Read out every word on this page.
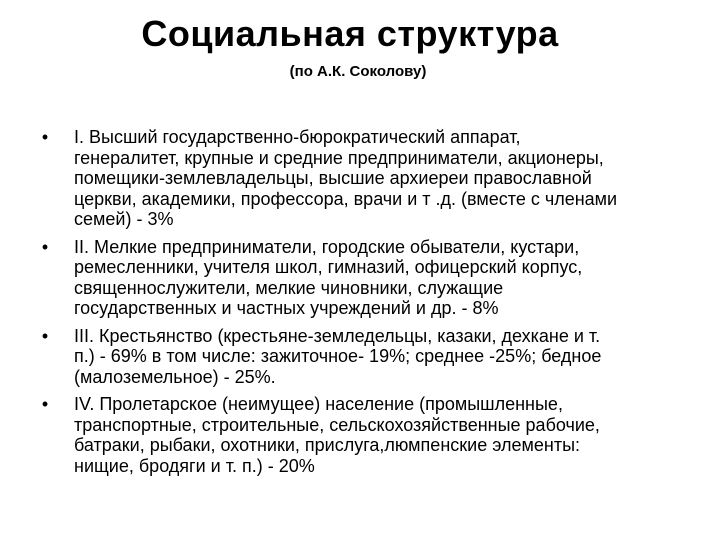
Социальная структура
(по А.К. Соколову)
• I. Высший государственно-бюрократический аппарат,
генералитет, крупные и средние предприниматели, акционеры,
помещики-землевладельцы, высшие архиереи православной
церкви, академики, профессора, врачи и т .д. (вместе с членами
семей) - 3%
• II. Мелкие предприниматели, городские обыватели, кустари,
ремесленники, учителя школ, гимназий, офицерский корпус,
священнослужители, мелкие чиновники, служащие
государственных и частных учреждений и др. - 8%
• III. Крестьянство (крестьяне-земледельцы, казаки, дехкане и т.
п.) - 69% в том числе: зажиточное- 19%; среднее -25%; бедное
(малоземельное) - 25%.
• IV. Пролетарское (неимущее) население (промышленные,
транспортные, строительные, сельскохозяйственные рабочие,
батраки, рыбаки, охотники, прислуга,люмпенские элементы:
нищие, бродяги и т. п.) - 20%
